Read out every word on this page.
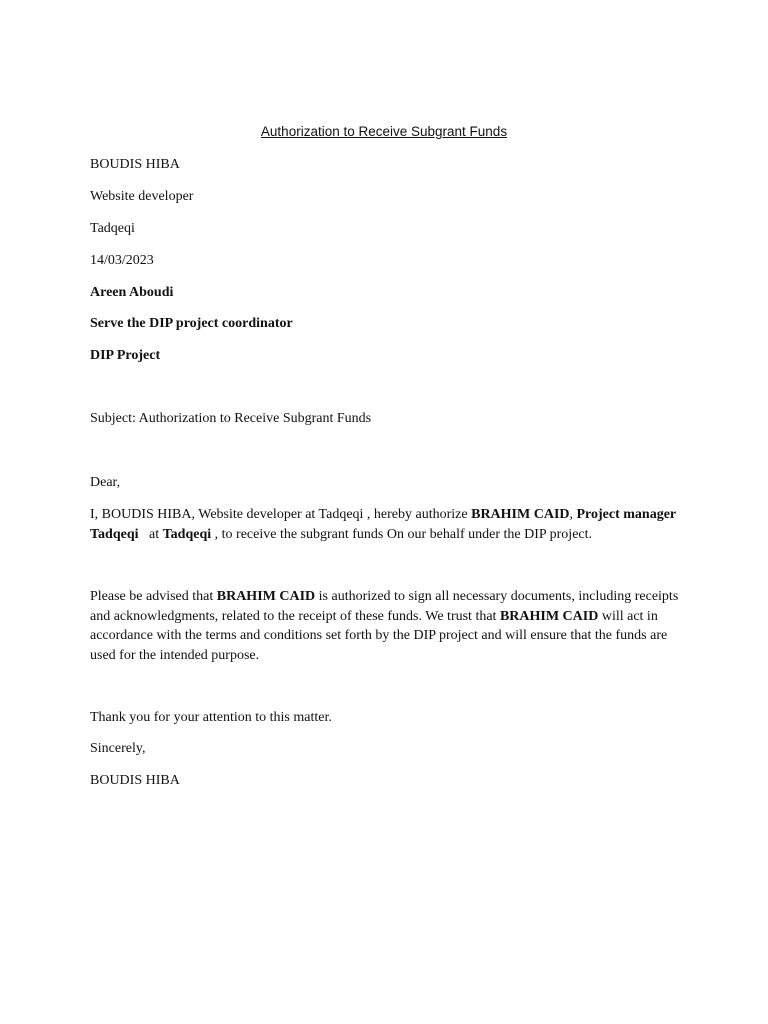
Authorization to Receive Subgrant Funds
BOUDIS HIBA
Website developer
Tadqeqi
14/03/2023
Areen Aboudi
Serve the DIP project coordinator
DIP Project
Subject: Authorization to Receive Subgrant Funds
Dear,
I, BOUDIS HIBA, Website developer at Tadqeqi , hereby authorize BRAHIM CAID, Project manager Tadqeqi   at Tadqeqi , to receive the subgrant funds On our behalf under the DIP project.
Please be advised that BRAHIM CAID is authorized to sign all necessary documents, including receipts and acknowledgments, related to the receipt of these funds. We trust that BRAHIM CAID will act in accordance with the terms and conditions set forth by the DIP project and will ensure that the funds are used for the intended purpose.
Thank you for your attention to this matter.
Sincerely,
BOUDIS HIBA
